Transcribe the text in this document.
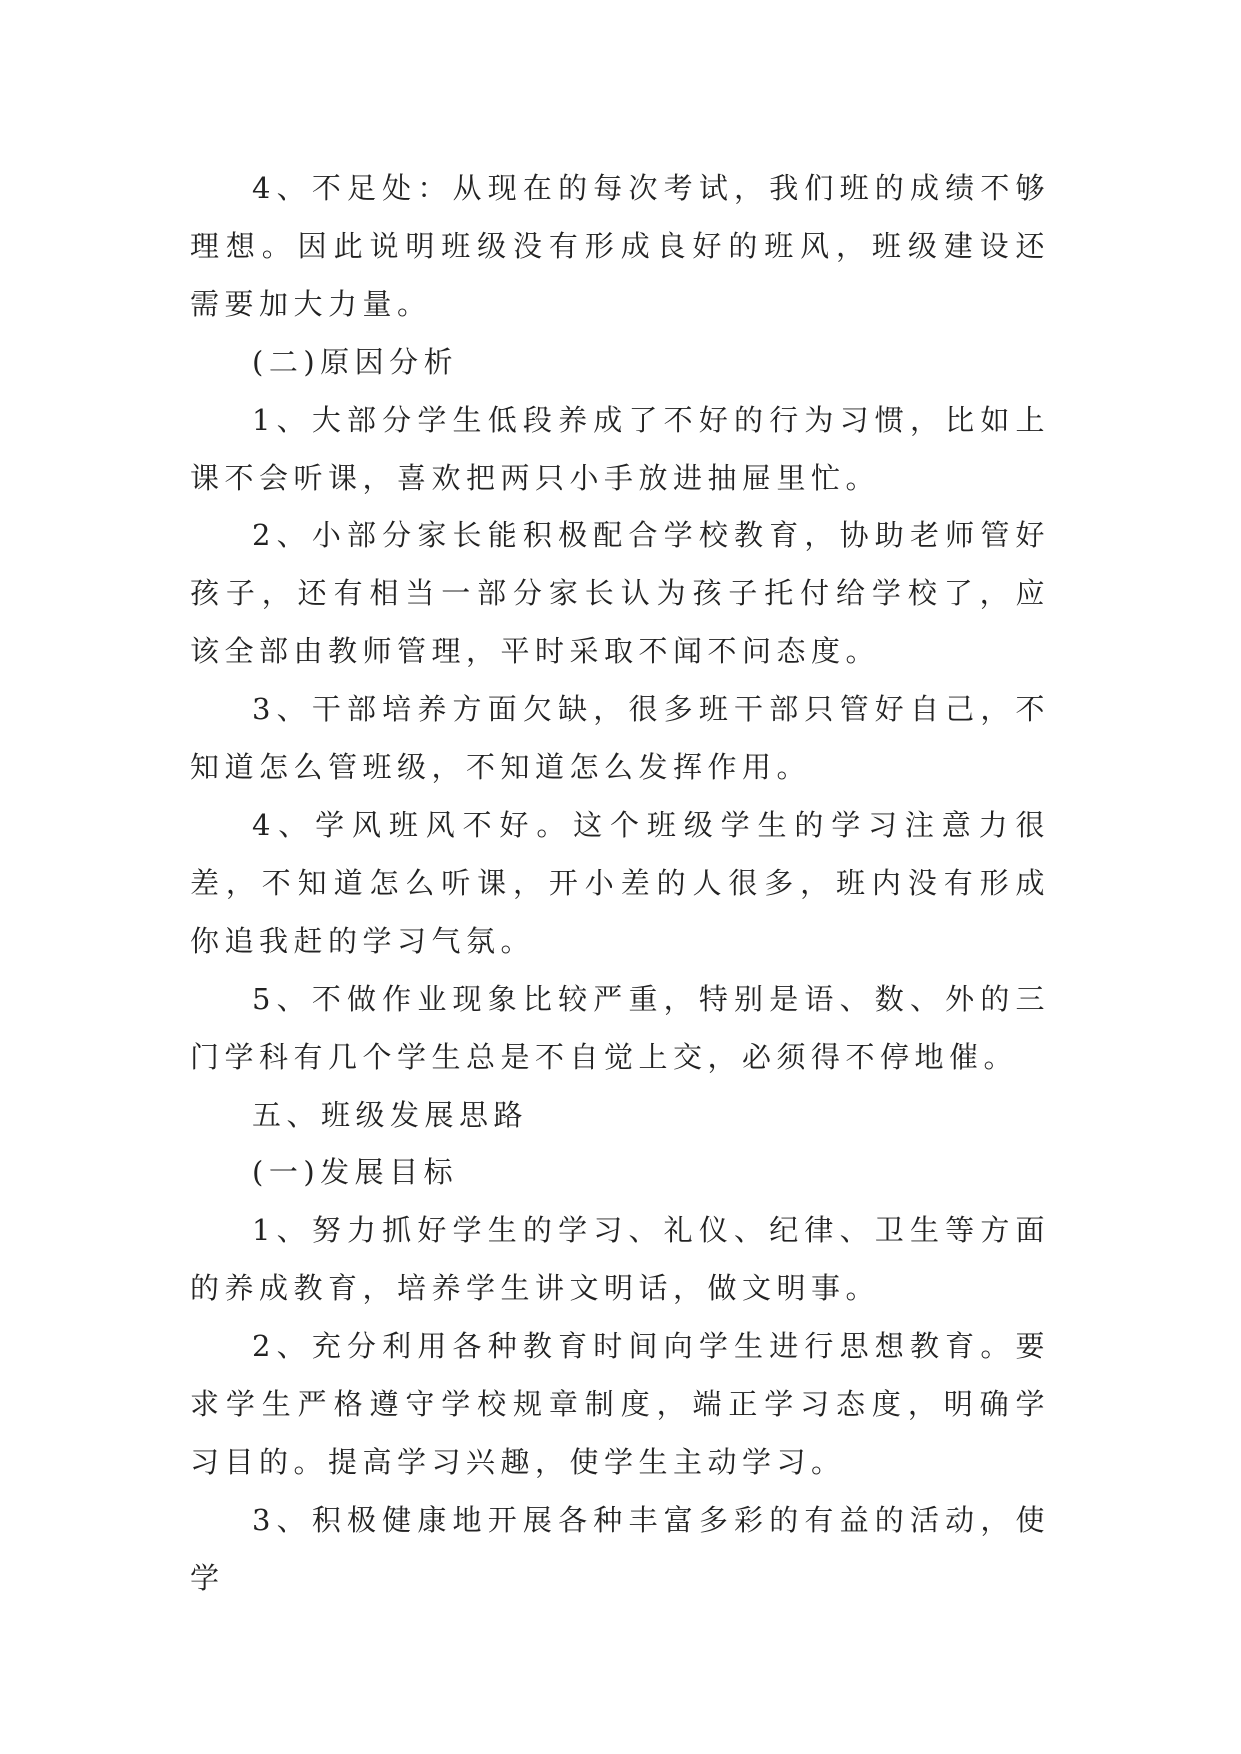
4、不足处：从现在的每次考试，我们班的成绩不够理想。因此说明班级没有形成良好的班风，班级建设还需要加大力量。

(二)原因分析

1、大部分学生低段养成了不好的行为习惯，比如上课不会听课，喜欢把两只小手放进抽屉里忙。

2、小部分家长能积极配合学校教育，协助老师管好孩子，还有相当一部分家长认为孩子托付给学校了，应该全部由教师管理，平时采取不闻不问态度。

3、干部培养方面欠缺，很多班干部只管好自己，不知道怎么管班级，不知道怎么发挥作用。

4、学风班风不好。这个班级学生的学习注意力很差，不知道怎么听课，开小差的人很多，班内没有形成你追我赶的学习气氛。

5、不做作业现象比较严重，特别是语、数、外的三门学科有几个学生总是不自觉上交，必须得不停地催。

五、班级发展思路

(一)发展目标

1、努力抓好学生的学习、礼仪、纪律、卫生等方面的养成教育，培养学生讲文明话，做文明事。

2、充分利用各种教育时间向学生进行思想教育。要求学生严格遵守学校规章制度，端正学习态度，明确学习目的。提高学习兴趣，使学生主动学习。

3、积极健康地开展各种丰富多彩的有益的活动，使学
